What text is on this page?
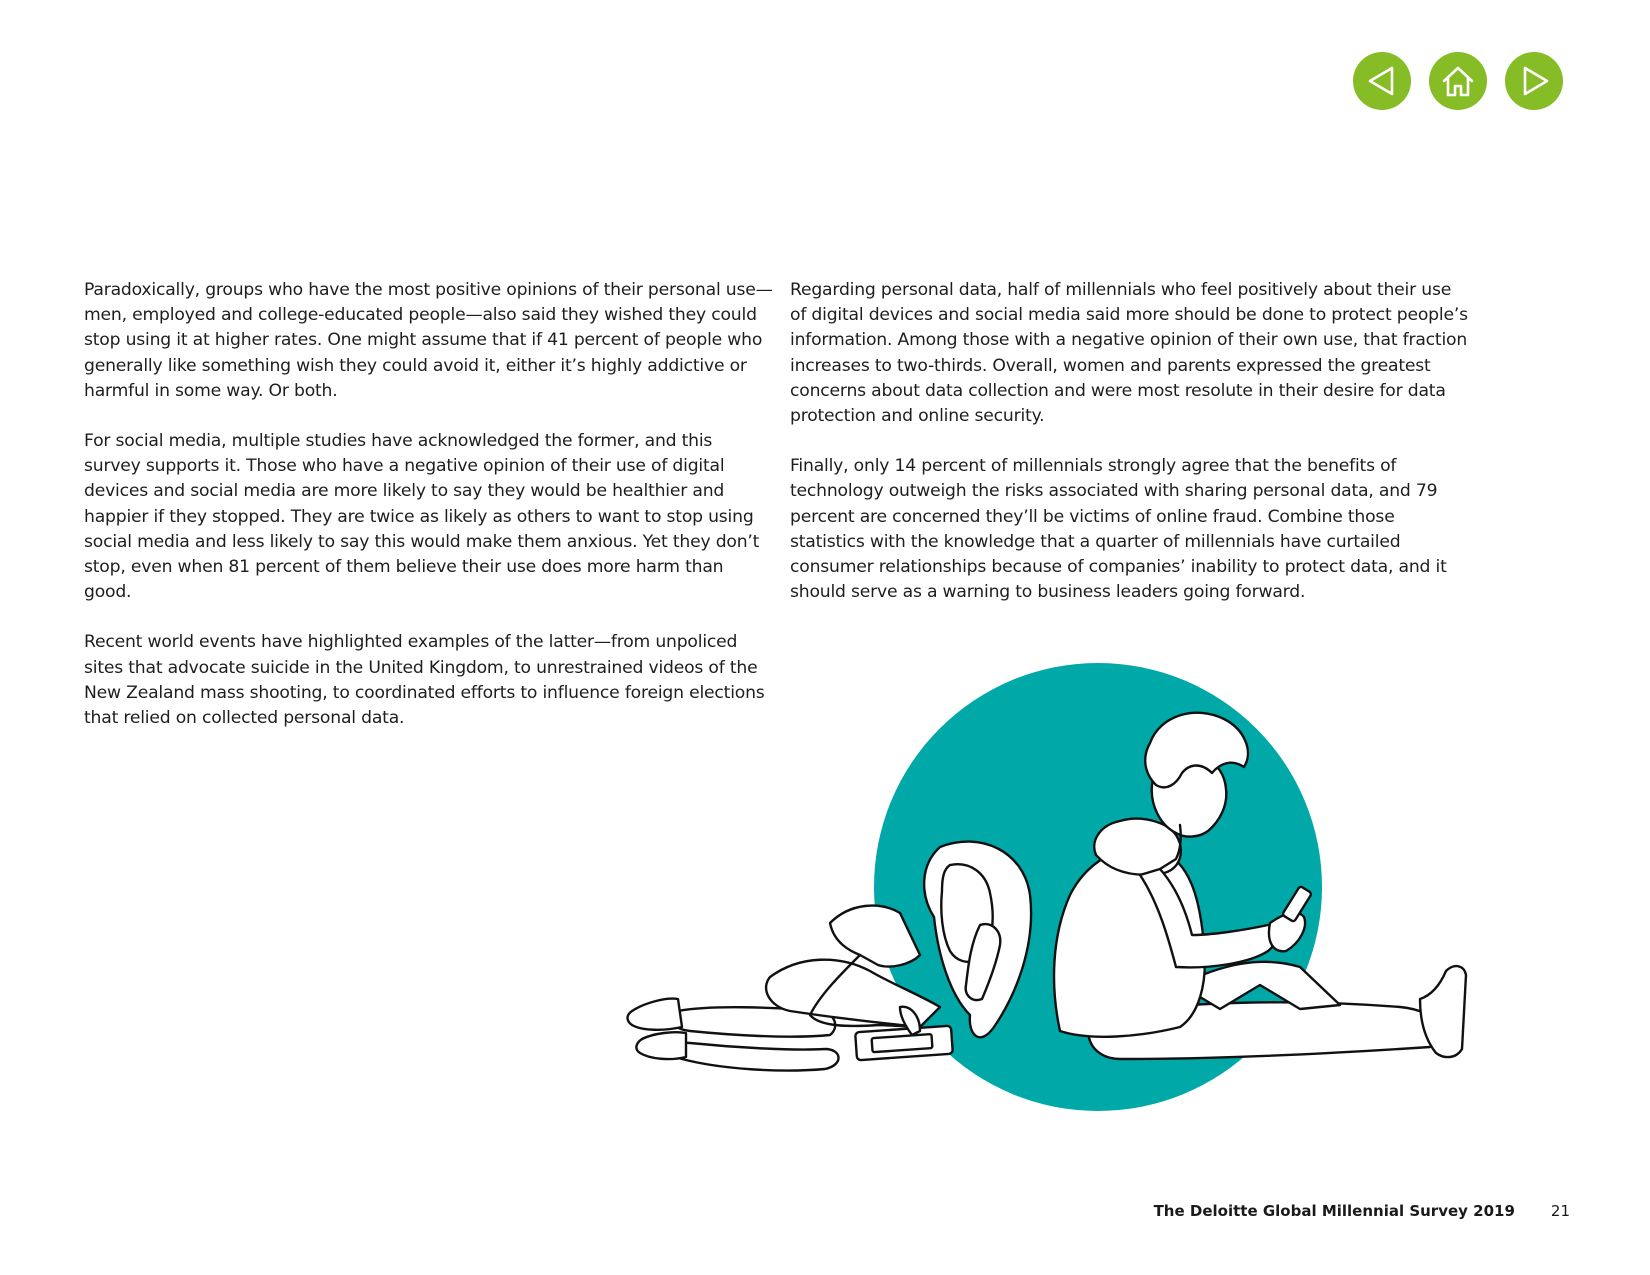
Paradoxically, groups who have the most positive opinions of their personal use—men, employed and college-educated people—also said they wished they could stop using it at higher rates. One might assume that if 41 percent of people who generally like something wish they could avoid it, either it’s highly addictive or harmful in some way. Or both.

For social media, multiple studies have acknowledged the former, and this survey supports it. Those who have a negative opinion of their use of digital devices and social media are more likely to say they would be healthier and happier if they stopped. They are twice as likely as others to want to stop using social media and less likely to say this would make them anxious. Yet they don’t stop, even when 81 percent of them believe their use does more harm than good.

Recent world events have highlighted examples of the latter—from unpoliced sites that advocate suicide in the United Kingdom, to unrestrained videos of the New Zealand mass shooting, to coordinated efforts to influence foreign elections that relied on collected personal data.

Regarding personal data, half of millennials who feel positively about their use of digital devices and social media said more should be done to protect people’s information. Among those with a negative opinion of their own use, that fraction increases to two-thirds. Overall, women and parents expressed the greatest concerns about data collection and were most resolute in their desire for data protection and online security.

Finally, only 14 percent of millennials strongly agree that the benefits of technology outweigh the risks associated with sharing personal data, and 79 percent are concerned they’ll be victims of online fraud. Combine those statistics with the knowledge that a quarter of millennials have curtailed consumer relationships because of companies’ inability to protect data, and it should serve as a warning to business leaders going forward.

The Deloitte Global Millennial Survey 2019 21
